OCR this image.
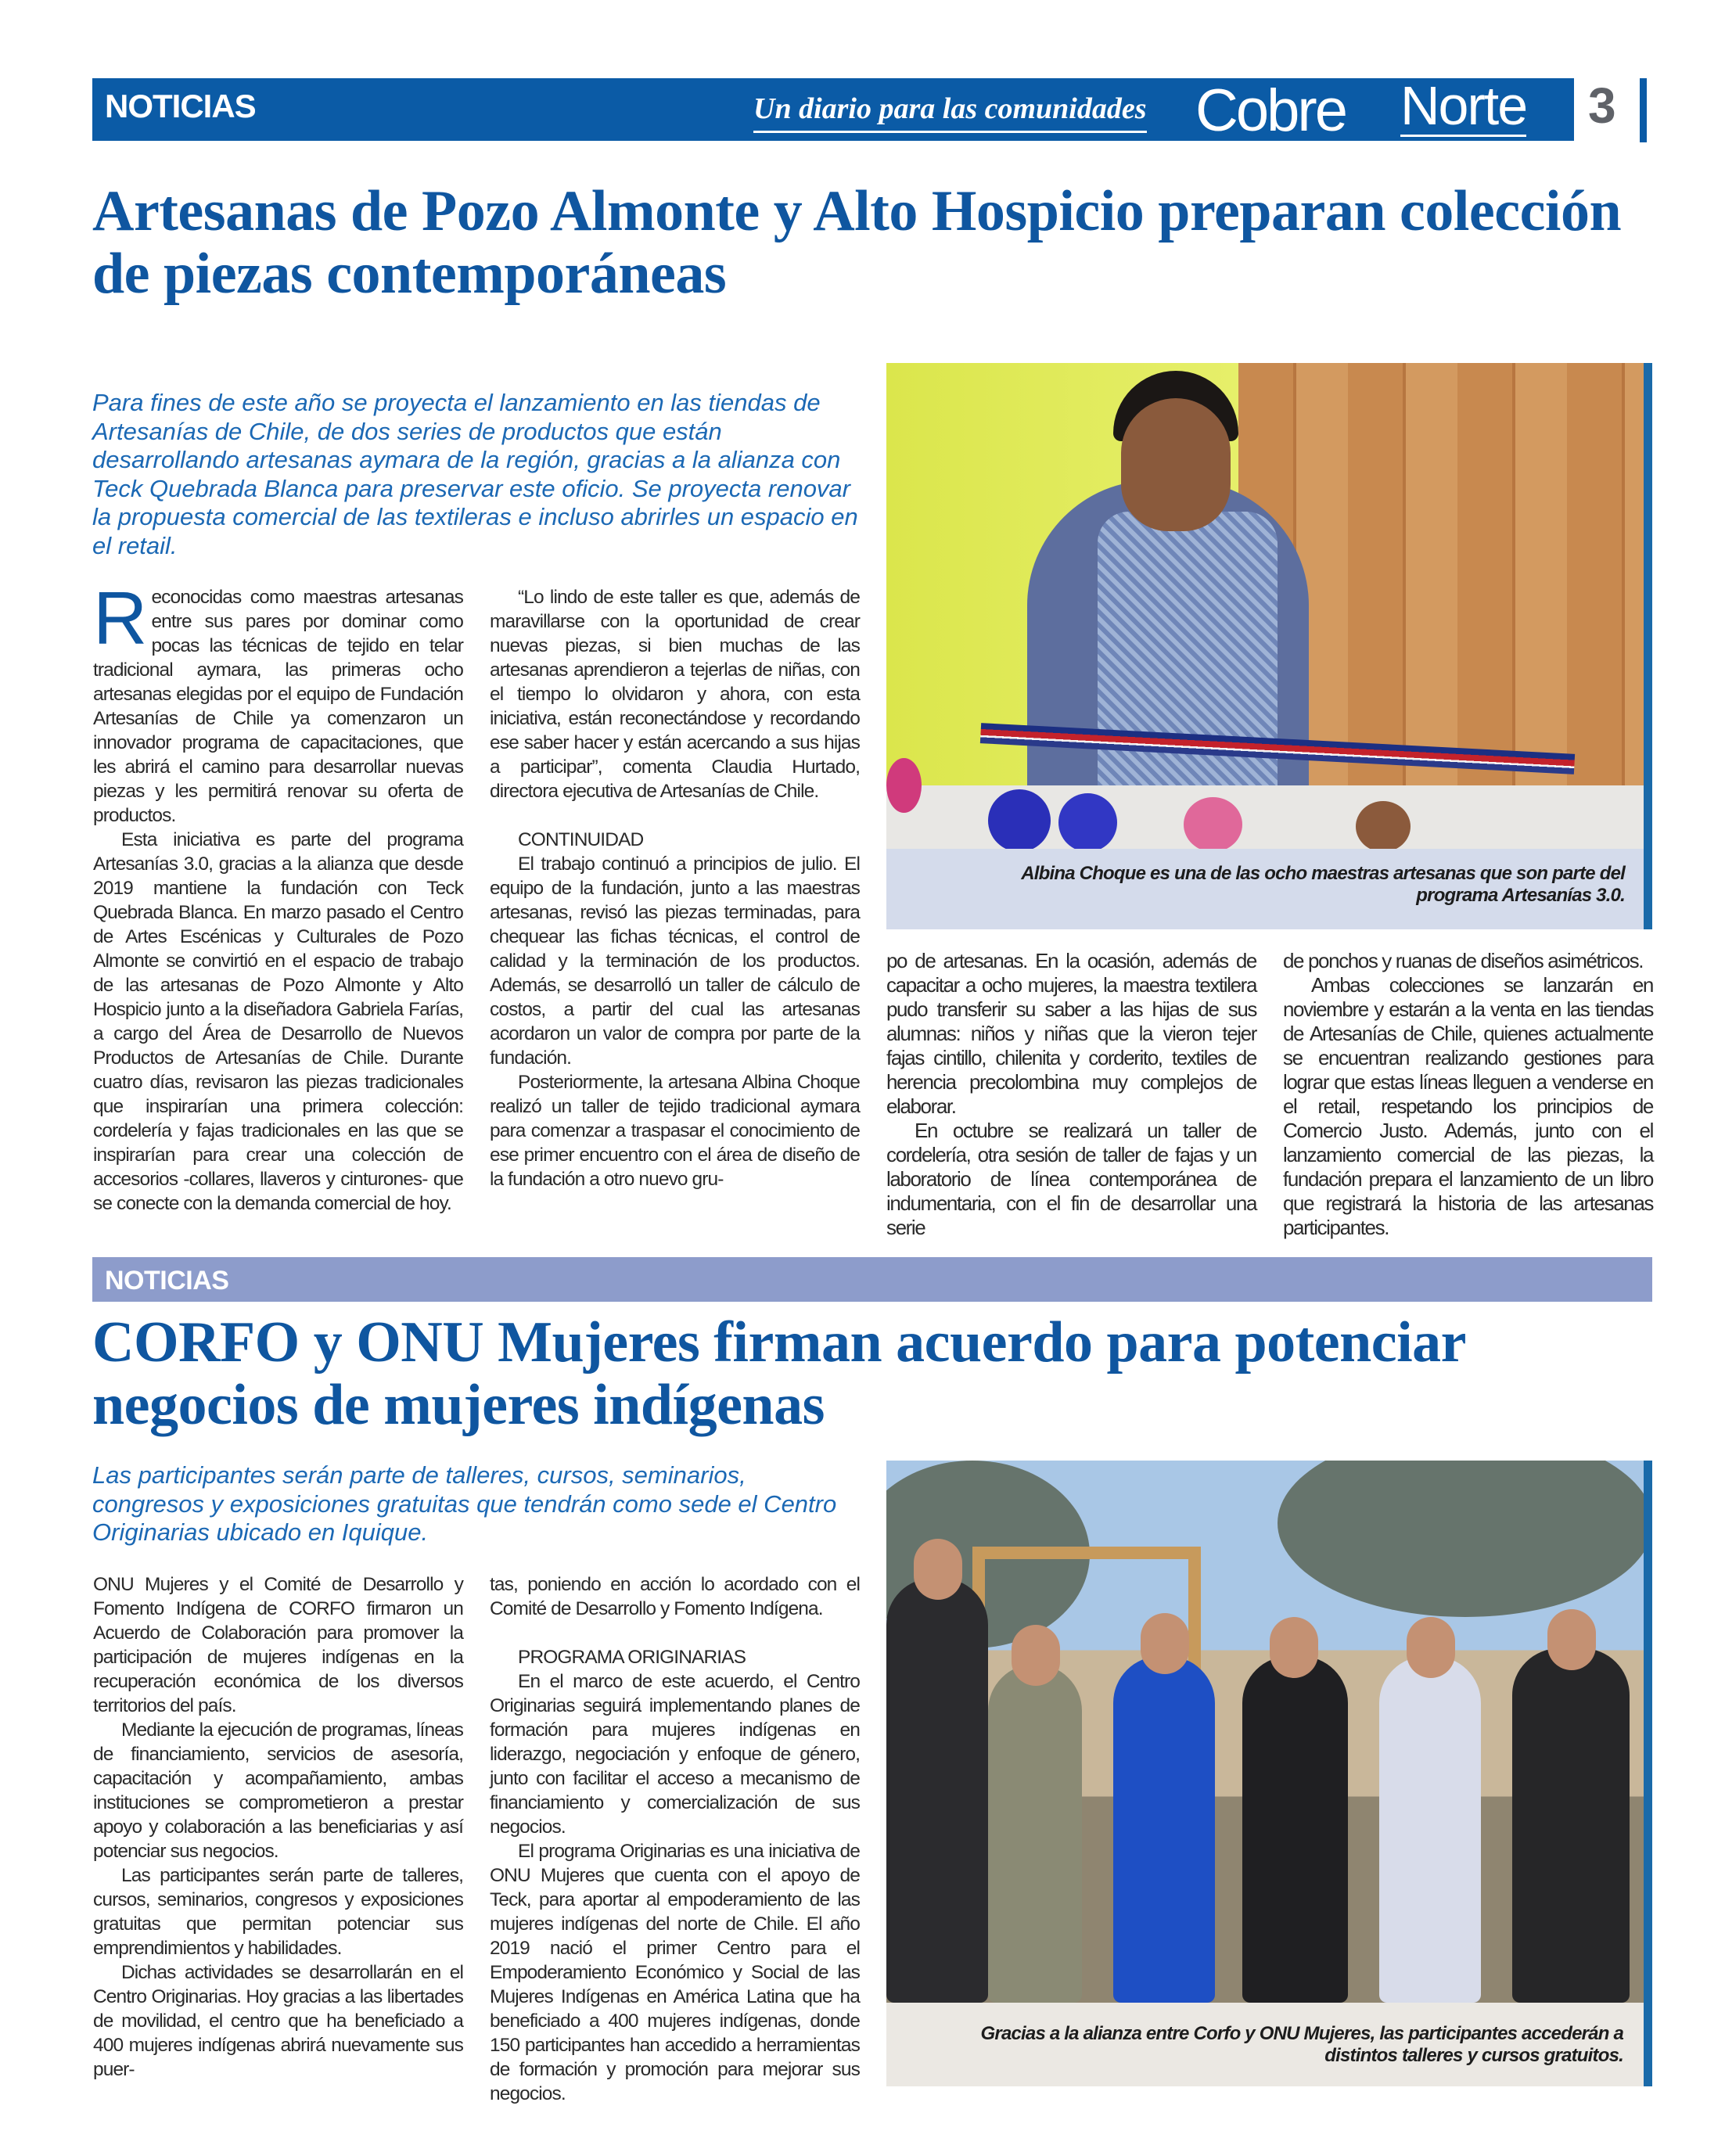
NOTICIAS	Un diario para las comunidades Cobre Norte 3
Artesanas de Pozo Almonte y Alto Hospicio preparan colección de piezas contemporáneas
Para fines de este año se proyecta el lanzamiento en las tiendas de Artesanías de Chile, de dos series de productos que están desarrollando artesanas aymara de la región, gracias a la alianza con Teck Quebrada Blanca para preservar este oficio. Se proyecta renovar la propuesta comercial de las textileras e incluso abrirles un espacio en el retail.
Albina Choque es una de las ocho maestras artesanas que son parte del programa Artesanías 3.0.

Reconocidas como maestras artesanas entre sus pares por dominar como pocas las técnicas de tejido en telar tradicional aymara, las primeras ocho artesanas elegidas por el equipo de Fundación Artesanías de Chile ya comenzaron un innovador programa de capacitaciones, que les abrirá el camino para desarrollar nuevas piezas y les permitirá renovar su oferta de productos.

Esta iniciativa es parte del programa Artesanías 3.0, gracias a la alianza que desde 2019 mantiene la fundación con Teck Quebrada Blanca. En marzo pasado el Centro de Artes Escénicas y Culturales de Pozo Almonte se convirtió en el espacio de trabajo de las artesanas de Pozo Almonte y Alto Hospicio junto a la diseñadora Gabriela Farías, a cargo del Área de Desarrollo de Nuevos Productos de Artesanías de Chile. Durante cuatro días, revisaron las piezas tradicionales que inspirarían una primera colección: cordelería y fajas tradicionales en las que se inspirarían para crear una colección de accesorios -collares, llaveros y cinturones- que se conecte con la demanda comercial de hoy.

“Lo lindo de este taller es que, además de maravillarse con la oportunidad de crear nuevas piezas, si bien muchas de las artesanas aprendieron a tejerlas de niñas, con el tiempo lo olvidaron y ahora, con esta iniciativa, están reconectándose y recordando ese saber hacer y están acercando a sus hijas a participar”, comenta Claudia Hurtado, directora ejecutiva de Artesanías de Chile.

CONTINUIDAD

El trabajo continuó a principios de julio. El equipo de la fundación, junto a las maestras artesanas, revisó las piezas terminadas, para chequear las fichas técnicas, el control de calidad y la terminación de los productos. Además, se desarrolló un taller de cálculo de costos, a partir del cual las artesanas acordaron un valor de compra por parte de la fundación.

Posteriormente, la artesana Albina Choque realizó un taller de tejido tradicional aymara para comenzar a traspasar el conocimiento de ese primer encuentro con el área de diseño de la fundación a otro nuevo gru-

po de artesanas. En la ocasión, además de capacitar a ocho mujeres, la maestra textilera pudo transferir su saber a las hijas de sus alumnas: niños y niñas que la vieron tejer fajas cintillo, chilenita y corderito, textiles de herencia precolombina muy complejos de elaborar.

En octubre se realizará un taller de cordelería, otra sesión de taller de fajas y un laboratorio de línea contemporánea de indumentaria, con el fin de desarrollar una serie

de ponchos y ruanas de diseños asimétricos.

Ambas colecciones se lanzarán en noviembre y estarán a la venta en las tiendas de Artesanías de Chile, quienes actualmente se encuentran realizando gestiones para lograr que estas líneas lleguen a venderse en el retail, respetando los principios de Comercio Justo. Además, junto con el lanzamiento comercial de las piezas, la fundación prepara el lanzamiento de un libro que registrará la historia de las artesanas participantes.

NOTICIAS
CORFO y ONU Mujeres firman acuerdo para potenciar negocios de mujeres indígenas
Las participantes serán parte de talleres, cursos, seminarios, congresos y exposiciones gratuitas que tendrán como sede el Centro Originarias ubicado en Iquique.
Gracias a la alianza entre Corfo y ONU Mujeres, las participantes accederán a distintos talleres y cursos gratuitos.

ONU Mujeres y el Comité de Desarrollo y Fomento Indígena de CORFO firmaron un Acuerdo de Colaboración para promover la participación de mujeres indígenas en la recuperación económica de los diversos territorios del país.

Mediante la ejecución de programas, líneas de financiamiento, servicios de asesoría, capacitación y acompañamiento, ambas instituciones se comprometieron a prestar apoyo y colaboración a las beneficiarias y así potenciar sus negocios.

Las participantes serán parte de talleres, cursos, seminarios, congresos y exposiciones gratuitas que permitan potenciar sus emprendimientos y habilidades.

Dichas actividades se desarrollarán en el Centro Originarias. Hoy gracias a las libertades de movilidad, el centro que ha beneficiado a 400 mujeres indígenas abrirá nuevamente sus puer-

tas, poniendo en acción lo acordado con el Comité de Desarrollo y Fomento Indígena.

PROGRAMA ORIGINARIAS

En el marco de este acuerdo, el Centro Originarias seguirá implementando planes de formación para mujeres indígenas en liderazgo, negociación y enfoque de género, junto con facilitar el acceso a mecanismo de financiamiento y comercialización de sus negocios.

El programa Originarias es una iniciativa de ONU Mujeres que cuenta con el apoyo de Teck, para aportar al empoderamiento de las mujeres indígenas del norte de Chile. El año 2019 nació el primer Centro para el Empoderamiento Económico y Social de las Mujeres Indígenas en América Latina que ha beneficiado a 400 mujeres indígenas, donde 150 participantes han accedido a herramientas de formación y promoción para mejorar sus negocios.
